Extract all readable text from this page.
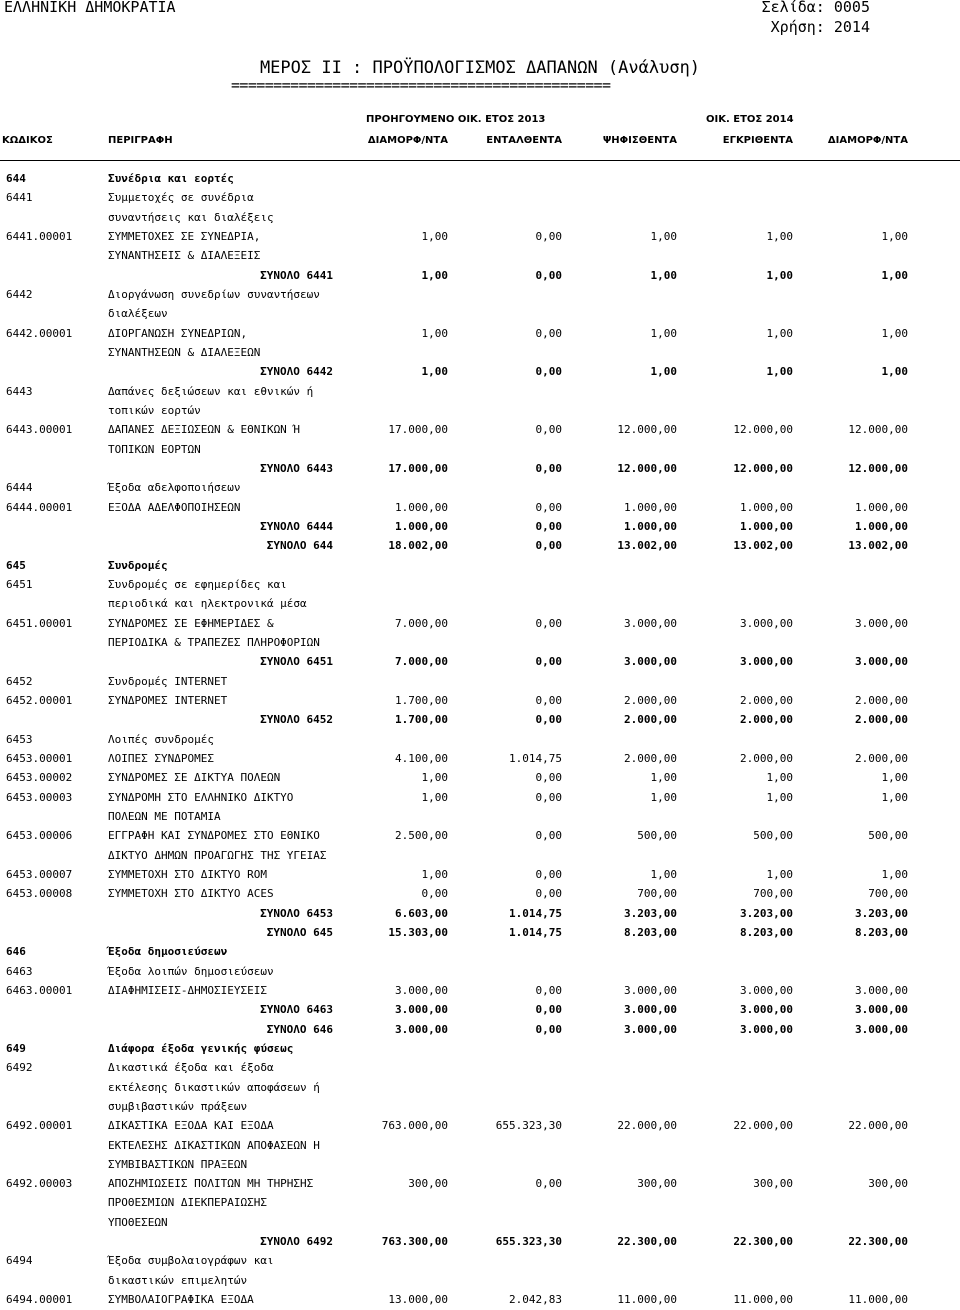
ΕΛΛΗΝΙΚΗ ΔΗΜΟΚΡΑΤΙΑ	Σελίδα: 0005
Χρήση: 2014
ΜΕΡΟΣ ΙΙ : ΠΡΟΫΠΟΛΟΓΙΣΜΟΣ ΔΑΠΑΝΩΝ (Ανάλυση)
=============================================
ΠΡΟΗΓΟΥΜΕΝΟ ΟΙΚ. ΕΤΟΣ 2013	ΟΙΚ. ΕΤΟΣ 2014
ΚΩΔΙΚΟΣ	ΠΕΡΙΓΡΑΦΗ	ΔΙΑΜΟΡΦ/ΝΤΑ	ΕΝΤΑΛΘΕΝΤΑ	ΨΗΦΙΣΘΕΝΤΑ	ΕΓΚΡΙΘΕΝΤΑ	ΔΙΑΜΟΡΦ/ΝΤΑ
644	Συνέδρια και εορτές
6441	Συμμετοχές σε συνέδρια
συναντήσεις και διαλέξεις
6441.00001	ΣΥΜΜΕΤΟΧΕΣ ΣΕ ΣΥΝΕΔΡΙΑ,	1,00	0,00	1,00	1,00	1,00
ΣΥΝΑΝΤΗΣΕΙΣ & ΔΙΑΛΕΞΕΙΣ
ΣΥΝΟΛΟ 6441	1,00	0,00	1,00	1,00	1,00
6442	Διοργάνωση συνεδρίων συναντήσεων
διαλέξεων
6442.00001	ΔΙΟΡΓΑΝΩΣΗ ΣΥΝΕΔΡΙΩΝ,	1,00	0,00	1,00	1,00	1,00
ΣΥΝΑΝΤΗΣΕΩΝ & ΔΙΑΛΕΞΕΩΝ
ΣΥΝΟΛΟ 6442	1,00	0,00	1,00	1,00	1,00
6443	Δαπάνες δεξιώσεων και εθνικών ή
τοπικών εορτών
6443.00001	ΔΑΠΑΝΕΣ ΔΕΞΙΩΣΕΩΝ & ΕΘΝΙΚΩΝ Ή	17.000,00	0,00	12.000,00	12.000,00	12.000,00
ΤΟΠΙΚΩΝ ΕΟΡΤΩΝ
ΣΥΝΟΛΟ 6443	17.000,00	0,00	12.000,00	12.000,00	12.000,00
6444	Έξοδα αδελφοποιήσεων
6444.00001	ΕΞΟΔΑ ΑΔΕΛΦΟΠΟΙΗΣΕΩΝ	1.000,00	0,00	1.000,00	1.000,00	1.000,00
ΣΥΝΟΛΟ 6444	1.000,00	0,00	1.000,00	1.000,00	1.000,00
ΣΥΝΟΛΟ 644	18.002,00	0,00	13.002,00	13.002,00	13.002,00
645	Συνδρομές
6451	Συνδρομές σε εφημερίδες και
περιοδικά και ηλεκτρονικά μέσα
6451.00001	ΣΥΝΔΡΟΜΕΣ ΣΕ ΕΦΗΜΕΡΙΔΕΣ &	7.000,00	0,00	3.000,00	3.000,00	3.000,00
ΠΕΡΙΟΔΙΚΑ & ΤΡΑΠΕΖΕΣ ΠΛΗΡΟΦΟΡΙΩΝ
ΣΥΝΟΛΟ 6451	7.000,00	0,00	3.000,00	3.000,00	3.000,00
6452	Συνδρομές INTERNET
6452.00001	ΣΥΝΔΡΟΜΕΣ INTERNET	1.700,00	0,00	2.000,00	2.000,00	2.000,00
ΣΥΝΟΛΟ 6452	1.700,00	0,00	2.000,00	2.000,00	2.000,00
6453	Λοιπές συνδρομές
6453.00001	ΛΟΙΠΕΣ ΣΥΝΔΡΟΜΕΣ	4.100,00	1.014,75	2.000,00	2.000,00	2.000,00
6453.00002	ΣΥΝΔΡΟΜΕΣ ΣΕ ΔΙΚΤΥΑ ΠΟΛΕΩΝ	1,00	0,00	1,00	1,00	1,00
6453.00003	ΣΥΝΔΡΟΜΗ ΣΤΟ ΕΛΛΗΝΙΚΟ ΔΙΚΤΥΟ	1,00	0,00	1,00	1,00	1,00
ΠΟΛΕΩΝ ΜΕ ΠΟΤΑΜΙΑ
6453.00006	ΕΓΓΡΑΦΗ ΚΑΙ ΣΥΝΔΡΟΜΕΣ ΣΤΟ ΕΘΝΙΚΟ	2.500,00	0,00	500,00	500,00	500,00
ΔΙΚΤΥΟ ΔΗΜΩΝ ΠΡΟΑΓΩΓΗΣ ΤΗΣ ΥΓΕΙΑΣ
6453.00007	ΣΥΜΜΕΤΟΧΗ ΣΤΟ ΔΙΚΤΥΟ ROM	1,00	0,00	1,00	1,00	1,00
6453.00008	ΣΥΜΜΕΤΟΧΗ ΣΤΟ ΔΙΚΤΥΟ ACES	0,00	0,00	700,00	700,00	700,00
ΣΥΝΟΛΟ 6453	6.603,00	1.014,75	3.203,00	3.203,00	3.203,00
ΣΥΝΟΛΟ 645	15.303,00	1.014,75	8.203,00	8.203,00	8.203,00
646	Έξοδα δημοσιεύσεων
6463	Έξοδα λοιπών δημοσιεύσεων
6463.00001	ΔΙΑΦΗΜΙΣΕΙΣ-ΔΗΜΟΣΙΕΥΣΕΙΣ	3.000,00	0,00	3.000,00	3.000,00	3.000,00
ΣΥΝΟΛΟ 6463	3.000,00	0,00	3.000,00	3.000,00	3.000,00
ΣΥΝΟΛΟ 646	3.000,00	0,00	3.000,00	3.000,00	3.000,00
649	Διάφορα έξοδα γενικής φύσεως
6492	Δικαστικά έξοδα και έξοδα
εκτέλεσης δικαστικών αποφάσεων ή
συμβιβαστικών πράξεων
6492.00001	ΔΙΚΑΣΤΙΚΑ ΕΞΟΔΑ ΚΑΙ ΕΞΟΔΑ	763.000,00	655.323,30	22.000,00	22.000,00	22.000,00
ΕΚΤΕΛΕΣΗΣ ΔΙΚΑΣΤΙΚΩΝ ΑΠΟΦΑΣΕΩΝ Η
ΣΥΜΒΙΒΑΣΤΙΚΩΝ ΠΡΑΞΕΩΝ
6492.00003	ΑΠΟΖΗΜΙΩΣΕΙΣ ΠΟΛΙΤΩΝ ΜΗ ΤΗΡΗΣΗΣ	300,00	0,00	300,00	300,00	300,00
ΠΡΟΘΕΣΜΙΩΝ ΔΙΕΚΠΕΡΑΙΩΣΗΣ
ΥΠΟΘΕΣΕΩΝ
ΣΥΝΟΛΟ 6492	763.300,00	655.323,30	22.300,00	22.300,00	22.300,00
6494	Έξοδα συμβολαιογράφων και
δικαστικών επιμελητών
6494.00001	ΣΥΜΒΟΛΑΙΟΓΡΑΦΙΚΑ ΕΞΟΔΑ	13.000,00	2.042,83	11.000,00	11.000,00	11.000,00
